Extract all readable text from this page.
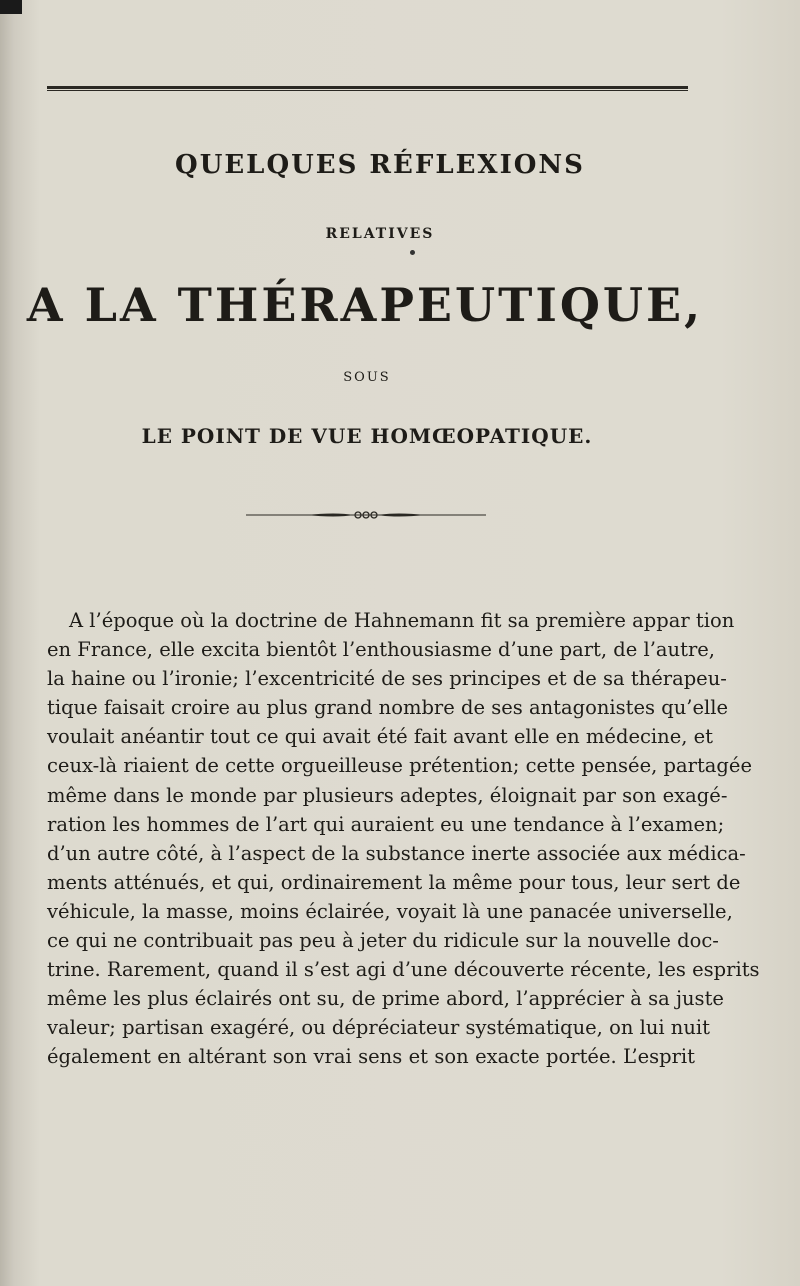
QUELQUES RÉFLEXIONS
RELATIVES
A LA THÉRAPEUTIQUE,
SOUS
LE POINT DE VUE HOMŒOPATIQUE.
A l’époque où la doctrine de Hahnemann fit sa première appar tion
en France, elle excita bientôt l’enthousiasme d’une part, de l’autre,
la haine ou l’ironie; l’excentricité de ses principes et de sa thérapeu-
tique faisait croire au plus grand nombre de ses antagonistes qu’elle
voulait anéantir tout ce qui avait été fait avant elle en médecine, et
ceux-là riaient de cette orgueilleuse prétention; cette pensée, partagée
même dans le monde par plusieurs adeptes, éloignait par son exagé-
ration les hommes de l’art qui auraient eu une tendance à l’examen;
d’un autre côté, à l’aspect de la substance inerte associée aux médica-
ments atténués, et qui, ordinairement la même pour tous, leur sert de
véhicule, la masse, moins éclairée, voyait là une panacée universelle,
ce qui ne contribuait pas peu à jeter du ridicule sur la nouvelle doc-
trine. Rarement, quand il s’est agi d’une découverte récente, les esprits
même les plus éclairés ont su, de prime abord, l’apprécier à sa juste
valeur; partisan exagéré, ou dépréciateur systématique, on lui nuit
également en altérant son vrai sens et son exacte portée. L’esprit
